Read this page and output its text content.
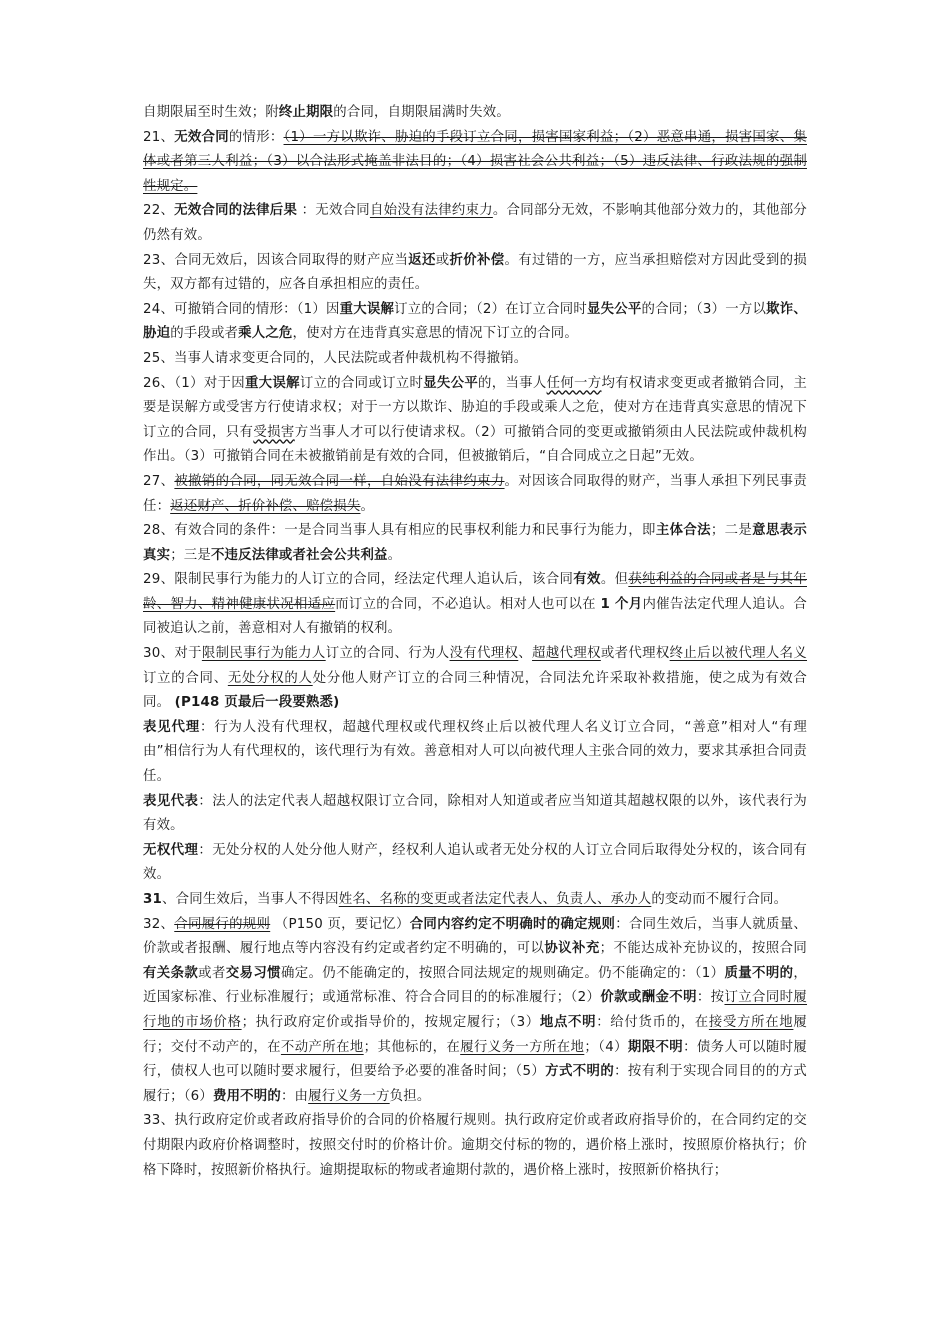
自期限届至时生效；附终止期限的合同，自期限届满时失效。

21、无效合同的情形：（1）一方以欺诈、胁迫的手段订立合同，损害国家利益；（2）恶意串通，损害国家、集体或者第三人利益；（3）以合法形式掩盖非法目的；（4）损害社会公共利益；（5）违反法律、行政法规的强制性规定。

22、无效合同的法律后果 ：无效合同自始没有法律约束力。合同部分无效，不影响其他部分效力的，其他部分仍然有效。

23、合同无效后，因该合同取得的财产应当返还或折价补偿。有过错的一方，应当承担赔偿对方因此受到的损失，双方都有过错的，应各自承担相应的责任。

24、可撤销合同的情形：（1）因重大误解订立的合同；（2）在订立合同时显失公平的合同；（3）一方以欺诈、胁迫的手段或者乘人之危，使对方在违背真实意思的情况下订立的合同。

25、当事人请求变更合同的，人民法院或者仲裁机构不得撤销。

26、（1）对于因重大误解订立的合同或订立时显失公平的，当事人任何一方均有权请求变更或者撤销合同，主要是误解方或受害方行使请求权；对于一方以欺诈、胁迫的手段或乘人之危，使对方在违背真实意思的情况下订立的合同，只有受损害方当事人才可以行使请求权。（2）可撤销合同的变更或撤销须由人民法院或仲裁机构作出。（3）可撤销合同在未被撤销前是有效的合同，但被撤销后，“自合同成立之日起”无效。

27、被撤销的合同，同无效合同一样，自始没有法律约束力。对因该合同取得的财产，当事人承担下列民事责任：返还财产、折价补偿、赔偿损失。

28、有效合同的条件：一是合同当事人具有相应的民事权利能力和民事行为能力，即主体合法；二是意思表示真实；三是不违反法律或者社会公共利益。

29、限制民事行为能力的人订立的合同，经法定代理人追认后，该合同有效。但获纯利益的合同或者是与其年龄、智力、精神健康状况相适应而订立的合同，不必追认。相对人也可以在 1 个月内催告法定代理人追认。合同被追认之前，善意相对人有撤销的权利。

30、对于限制民事行为能力人订立的合同、行为人没有代理权、超越代理权或者代理权终止后以被代理人名义订立的合同、无处分权的人处分他人财产订立的合同三种情况，合同法允许采取补救措施，使之成为有效合同。 (P148 页最后一段要熟悉)

表见代理：行为人没有代理权，超越代理权或代理权终止后以被代理人名义订立合同，“善意”相对人“有理由”相信行为人有代理权的，该代理行为有效。善意相对人可以向被代理人主张合同的效力，要求其承担合同责任。

表见代表：法人的法定代表人超越权限订立合同，除相对人知道或者应当知道其超越权限的以外，该代表行为有效。

无权代理：无处分权的人处分他人财产，经权利人追认或者无处分权的人订立合同后取得处分权的，该合同有效。

31、合同生效后，当事人不得因姓名、名称的变更或者法定代表人、负责人、承办人的变动而不履行合同。

32、合同履行的规则 （P150 页，要记忆）合同内容约定不明确时的确定规则：合同生效后，当事人就质量、价款或者报酬、履行地点等内容没有约定或者约定不明确的，可以协议补充；不能达成补充协议的，按照合同有关条款或者交易习惯确定。仍不能确定的，按照合同法规定的规则确定。仍不能确定的：（1）质量不明的，近国家标准、行业标准履行；或通常标准、符合合同目的的标准履行；（2）价款或酬金不明：按订立合同时履行地的市场价格；执行政府定价或指导价的，按规定履行；（3）地点不明：给付货币的，在接受方所在地履行；交付不动产的，在不动产所在地；其他标的，在履行义务一方所在地；（4）期限不明：债务人可以随时履行，债权人也可以随时要求履行，但要给予必要的准备时间；（5）方式不明的：按有利于实现合同目的的方式履行；（6）费用不明的：由履行义务一方负担。

33、执行政府定价或者政府指导价的合同的价格履行规则。执行政府定价或者政府指导价的，在合同约定的交付期限内政府价格调整时，按照交付时的价格计价。逾期交付标的物的，遇价格上涨时，按照原价格执行；价格下降时，按照新价格执行。逾期提取标的物或者逾期付款的，遇价格上涨时，按照新价格执行；
